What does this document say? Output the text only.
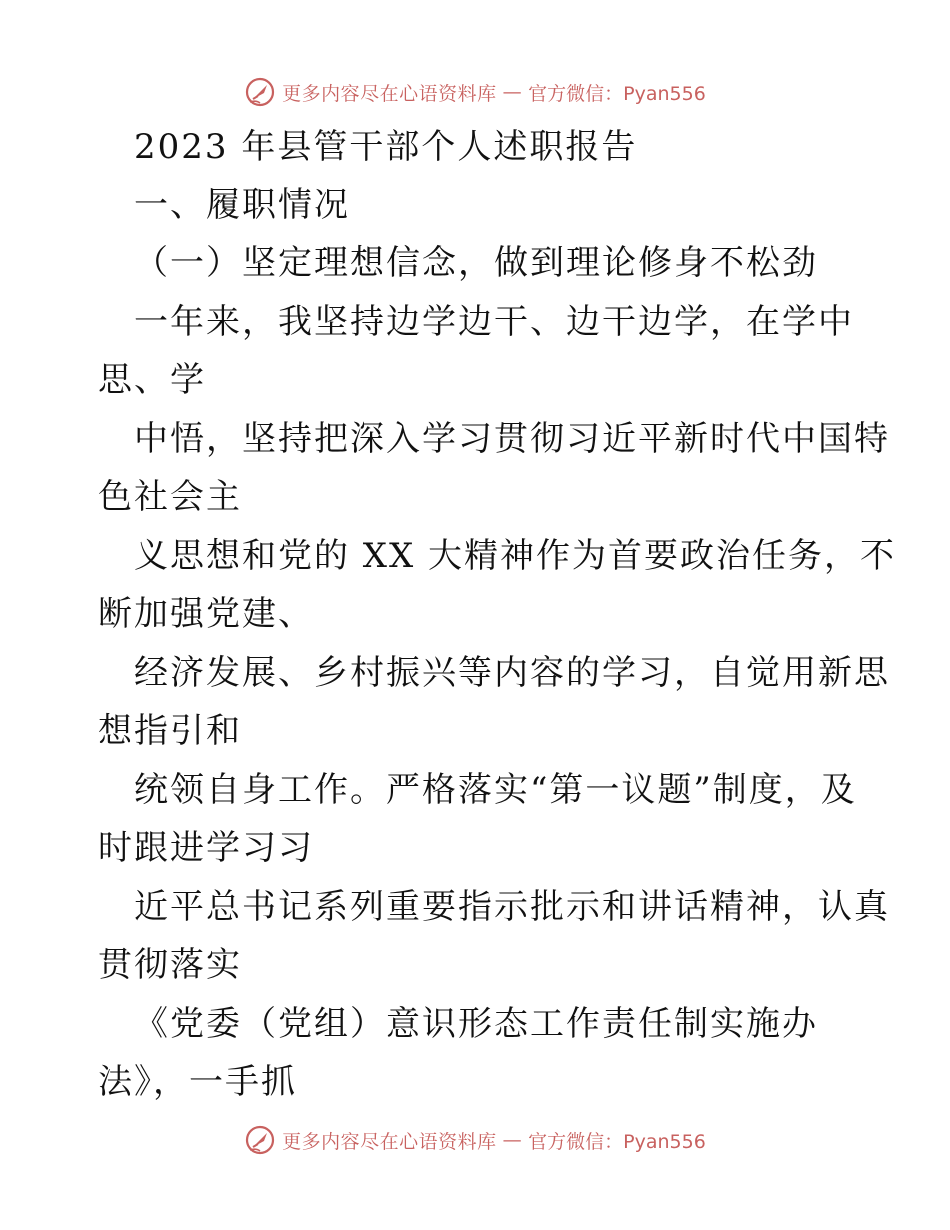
更多内容尽在心语资料库 — 官方微信：Pyan556
2023 年县管干部个人述职报告
一、履职情况
（一）坚定理想信念，做到理论修身不松劲
一年来，我坚持边学边干、边干边学，在学中
思、学
中悟，坚持把深入学习贯彻习近平新时代中国特
色社会主
义思想和党的 XX 大精神作为首要政治任务，不
断加强党建、
经济发展、乡村振兴等内容的学习，自觉用新思
想指引和
统领自身工作。严格落实“第一议题”制度，及
时跟进学习习
近平总书记系列重要指示批示和讲话精神，认真
贯彻落实
《党委（党组）意识形态工作责任制实施办
法》，一手抓
更多内容尽在心语资料库 — 官方微信：Pyan556
